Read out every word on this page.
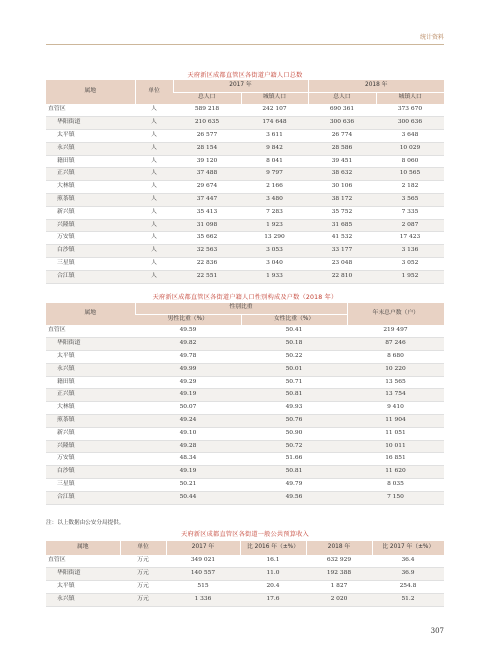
统计资料
天府新区成都直管区各街道户籍人口总数
属地	单位	2017 年		2018 年	
		总人口	城镇人口	总人口	城镇人口
直管区	人	589 218	242 107	690 361	373 670
华阳街道	人	210 635	174 648	300 636	300 636
太平镇	人	26 577	3 611	26 774	3 648
永兴镇	人	28 154	9 842	28 586	10 029
籍田镇	人	39 120	8 041	39 451	8 060
正兴镇	人	37 488	9 797	38 632	10 565
大林镇	人	29 674	2 166	30 106	2 182
煎茶镇	人	37 447	3 480	38 172	3 565
新兴镇	人	35 413	7 283	35 752	7 335
兴隆镇	人	31 098	1 923	31 685	2 087
万安镇	人	35 662	13 290	41 532	17 423
白沙镇	人	32 563	3 053	33 177	3 136
三星镇	人	22 836	3 040	23 048	3 052
合江镇	人	22 551	1 933	22 810	1 952
天府新区成都直管区各街道户籍人口性别构成及户数（2018 年）
属地	性别比重		年末总户数（户）
	男性比重（%）	女性比重（%）	
直管区	49.59	50.41	219 497
华阳街道	49.82	50.18	87 246
太平镇	49.78	50.22	8 680
永兴镇	49.99	50.01	10 220
籍田镇	49.29	50.71	13 565
正兴镇	49.19	50.81	13 754
大林镇	50.07	49.93	9 410
煎茶镇	49.24	50.76	11 904
新兴镇	49.10	50.90	11 051
兴隆镇	49.28	50.72	10 011
万安镇	48.34	51.66	16 851
白沙镇	49.19	50.81	11 620
三星镇	50.21	49.79	8 035
合江镇	50.44	49.56	7 150
注：以上数据由公安分局提供。
天府新区成都直管区各街道一般公共预算收入
属地	单位	2017 年	比 2016 年（±%）	2018 年	比 2017 年（±%）
直管区	万元	349 021	16.1	632 929	36.4
华阳街道	万元	140 557	11.0	192 388	36.9
太平镇	万元	515	20.4	1 827	254.8
永兴镇	万元	1 336	17.6	2 020	51.2
307
